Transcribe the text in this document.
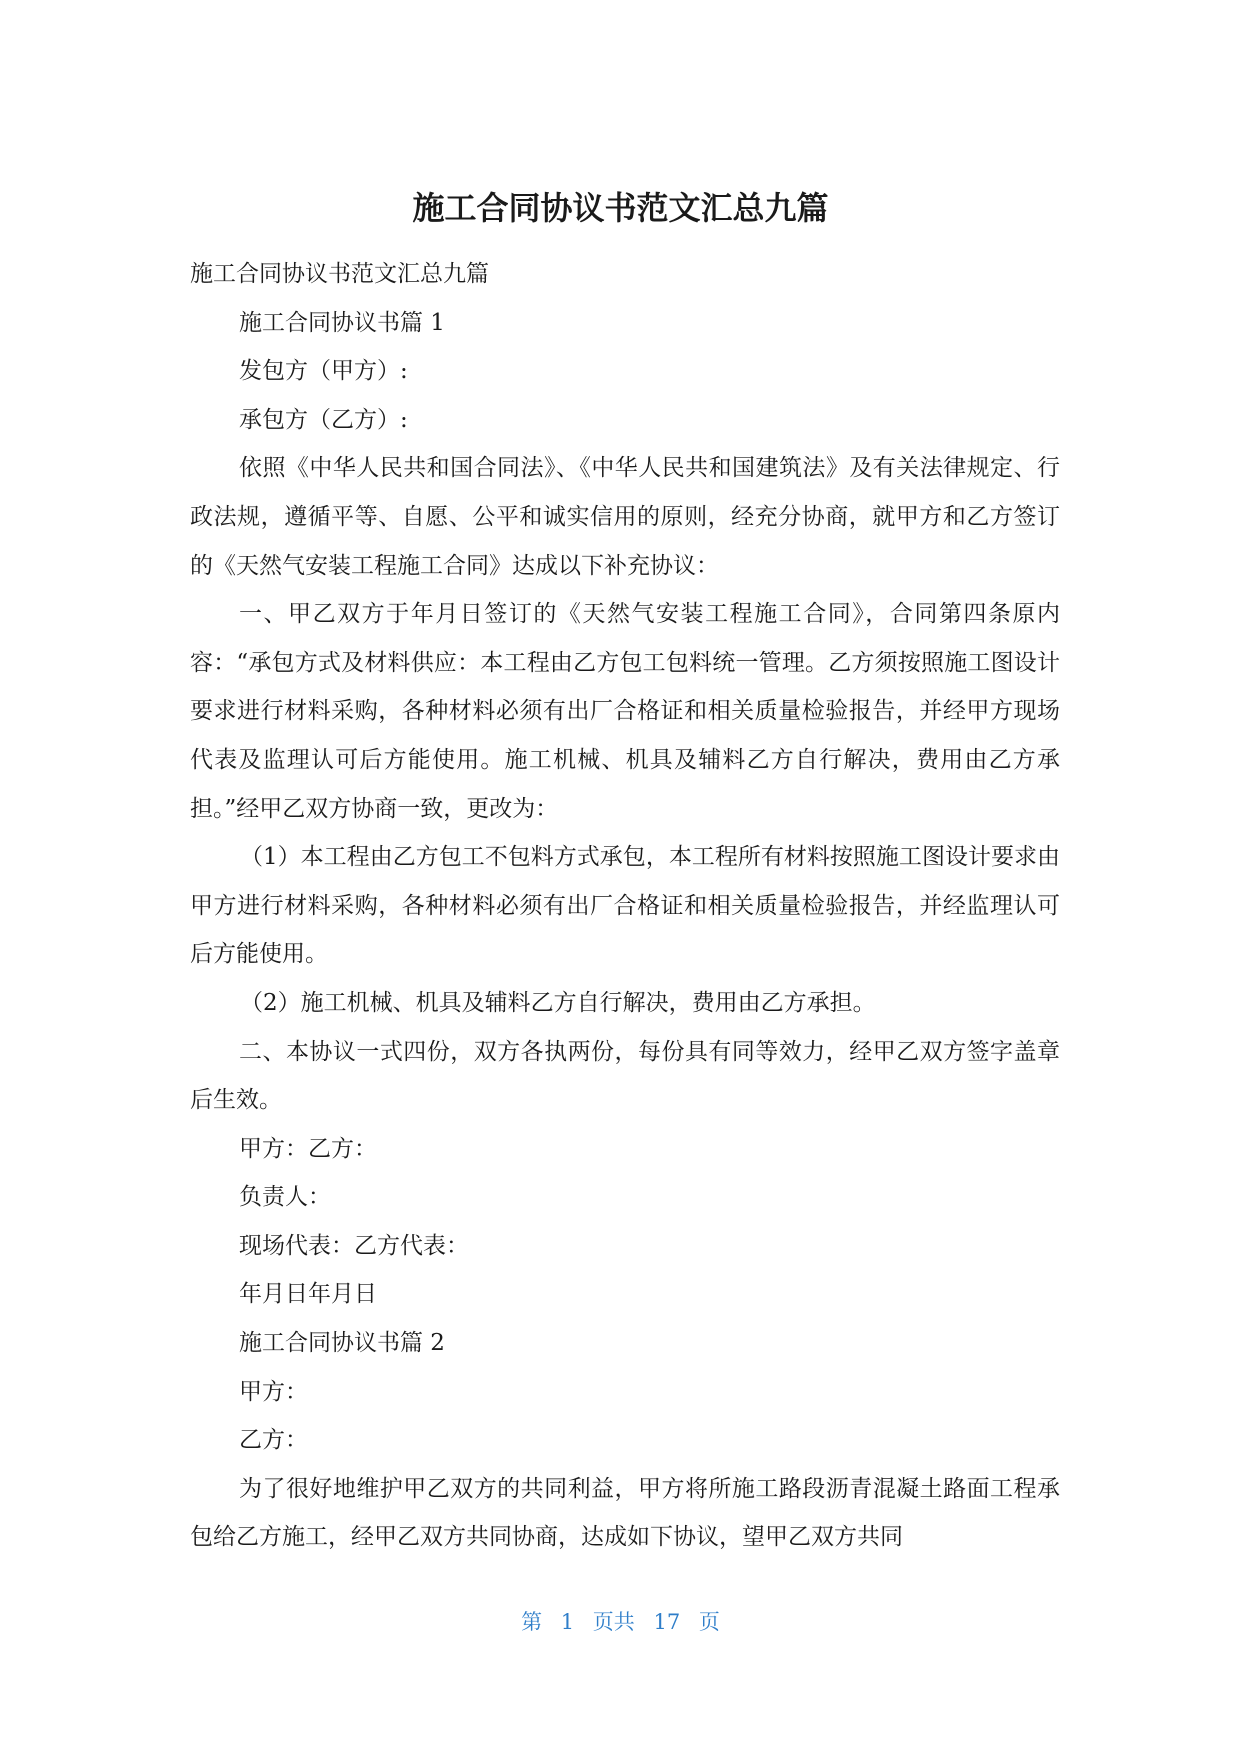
施工合同协议书范文汇总九篇

施工合同协议书范文汇总九篇

施工合同协议书篇 1

发包方（甲方）:

承包方（乙方）:

依照《中华人民共和国合同法》、《中华人民共和国建筑法》及有关法律规定、行政法规，遵循平等、自愿、公平和诚实信用的原则，经充分协商，就甲方和乙方签订的《天然气安装工程施工合同》达成以下补充协议：

一、甲乙双方于年月日签订的《天然气安装工程施工合同》，合同第四条原内容：“承包方式及材料供应：本工程由乙方包工包料统一管理。乙方须按照施工图设计要求进行材料采购，各种材料必须有出厂合格证和相关质量检验报告，并经甲方现场代表及监理认可后方能使用。施工机械、机具及辅料乙方自行解决，费用由乙方承担。”经甲乙双方协商一致，更改为：

（1）本工程由乙方包工不包料方式承包，本工程所有材料按照施工图设计要求由甲方进行材料采购，各种材料必须有出厂合格证和相关质量检验报告，并经监理认可后方能使用。

（2）施工机械、机具及辅料乙方自行解决，费用由乙方承担。

二、本协议一式四份，双方各执两份，每份具有同等效力，经甲乙双方签字盖章后生效。

甲方：乙方：

负责人：

现场代表：乙方代表：

年月日年月日

施工合同协议书篇 2

甲方：

乙方：

为了很好地维护甲乙双方的共同利益，甲方将所施工路段沥青混凝土路面工程承包给乙方施工，经甲乙双方共同协商，达成如下协议，望甲乙双方共同

第 1 页共 17 页
